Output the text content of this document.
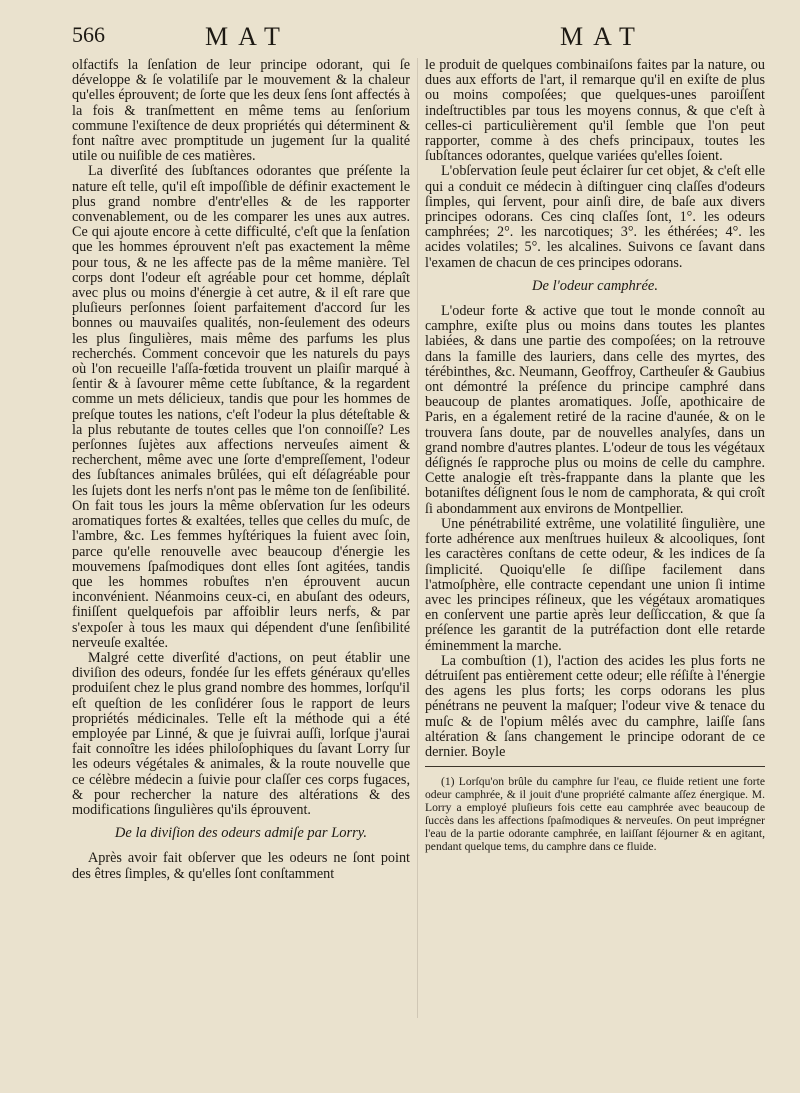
566	MAT	MAT

olfactifs la ſenſation de leur principe odorant, qui ſe développe & ſe volatiliſe par le mouvement & la chaleur qu'elles éprouvent; de ſorte que les deux ſens ſont affectés à la fois & tranſmettent en même tems au ſenſorium commune l'exiſtence de deux propriétés qui déterminent & font naître avec promptitude un jugement ſur la qualité utile ou nuiſible de ces matières.

La diverſité des ſubſtances odorantes que préſente la nature eſt telle, qu'il eſt impoſſible de définir exactement le plus grand nombre d'entr'elles & de les rapporter convenablement, ou de les comparer les unes aux autres. Ce qui ajoute encore à cette difficulté, c'eſt que la ſenſation que les hommes éprouvent n'eſt pas exactement la même pour tous, & ne les affecte pas de la même manière. Tel corps dont l'odeur eſt agréable pour cet homme, déplaît avec plus ou moins d'énergie à cet autre, & il eſt rare que pluſieurs perſonnes ſoient parfaitement d'accord ſur les bonnes ou mauvaiſes qualités, non-ſeulement des odeurs les plus ſingulières, mais même des parfums les plus recherchés. Comment concevoir que les naturels du pays où l'on recueille l'aſſa-fœtida trouvent un plaiſir marqué à ſentir & à ſavourer même cette ſubſtance, & la regardent comme un mets délicieux, tandis que pour les hommes de preſque toutes les nations, c'eſt l'odeur la plus déteſtable & la plus rebutante de toutes celles que l'on connoiſſe? Les perſonnes ſujètes aux affections nerveuſes aiment & recherchent, même avec une ſorte d'empreſſement, l'odeur des ſubſtances animales brûlées, qui eſt déſagréable pour les ſujets dont les nerfs n'ont pas le même ton de ſenſibilité. On fait tous les jours la même obſervation ſur les odeurs aromatiques fortes & exaltées, telles que celles du muſc, de l'ambre, &c. Les femmes hyſtériques la fuient avec ſoin, parce qu'elle renouvelle avec beaucoup d'énergie les mouvemens ſpaſmodiques dont elles ſont agitées, tandis que les hommes robuſtes n'en éprouvent aucun inconvénient. Néanmoins ceux-ci, en abuſant des odeurs, finiſſent quelquefois par affoiblir leurs nerfs, & par s'expoſer à tous les maux qui dépendent d'une ſenſibilité nerveuſe exaltée.

Malgré cette diverſité d'actions, on peut établir une diviſion des odeurs, fondée ſur les effets généraux qu'elles produiſent chez le plus grand nombre des hommes, lorſqu'il eſt queſtion de les conſidérer ſous le rapport de leurs propriétés médicinales. Telle eſt la méthode qui a été employée par Linné, & que je ſuivrai auſſi, lorſque j'aurai fait connoître les idées philoſophiques du ſavant Lorry ſur les odeurs végétales & animales, & la route nouvelle que ce célèbre médecin a ſuivie pour claſſer ces corps fugaces, & pour rechercher la nature des altérations & des modifications ſingulières qu'ils éprouvent.

De la diviſion des odeurs admiſe par Lorry.

Après avoir fait obſerver que les odeurs ne ſont point des êtres ſimples, & qu'elles ſont conſtamment

le produit de quelques combinaiſons faites par la nature, ou dues aux efforts de l'art, il remarque qu'il en exiſte de plus ou moins compoſées; que quelques-unes paroiſſent indeſtructibles par tous les moyens connus, & que c'eſt à celles-ci particulièrement qu'il ſemble que l'on peut rapporter, comme à des chefs principaux, toutes les ſubſtances odorantes, quelque variées qu'elles ſoient.

L'obſervation ſeule peut éclairer ſur cet objet, & c'eſt elle qui a conduit ce médecin à diſtinguer cinq claſſes d'odeurs ſimples, qui ſervent, pour ainſi dire, de baſe aux divers principes odorans. Ces cinq claſſes ſont, 1°. les odeurs camphrées; 2°. les narcotiques; 3°. les éthérées; 4°. les acides volatiles; 5°. les alcalines. Suivons ce ſavant dans l'examen de chacun de ces principes odorans.

De l'odeur camphrée.

L'odeur forte & active que tout le monde connoît au camphre, exiſte plus ou moins dans toutes les plantes labiées, & dans une partie des compoſées; on la retrouve dans la famille des lauriers, dans celle des myrtes, des térébinthes, &c. Neumann, Geoffroy, Cartheuſer & Gaubius ont démontré la préſence du principe camphré dans beaucoup de plantes aromatiques. Joſſe, apothicaire de Paris, en a également retiré de la racine d'aunée, & on le trouvera ſans doute, par de nouvelles analyſes, dans un grand nombre d'autres plantes. L'odeur de tous les végétaux déſignés ſe rapproche plus ou moins de celle du camphre. Cette analogie eſt très-frappante dans la plante que les botaniſtes déſignent ſous le nom de camphorata, & qui croît ſi abondamment aux environs de Montpellier.

Une pénétrabilité extrême, une volatilité ſingulière, une forte adhérence aux menſtrues huileux & alcooliques, ſont les caractères conſtans de cette odeur, & les indices de ſa ſimplicité. Quoiqu'elle ſe diſſipe facilement dans l'atmoſphère, elle contracte cependant une union ſi intime avec les principes réſineux, que les végétaux aromatiques en conſervent une partie après leur deſſiccation, & que ſa préſence les garantit de la putréfaction dont elle retarde éminemment la marche.

La combuſtion (1), l'action des acides les plus forts ne détruiſent pas entièrement cette odeur; elle réſiſte à l'énergie des agens les plus forts; les corps odorans les plus pénétrans ne peuvent la maſquer; l'odeur vive & tenace du muſc & de l'opium mêlés avec du camphre, laiſſe ſans altération & ſans changement le principe odorant de ce dernier. Boyle

(1) Lorſqu'on brûle du camphre ſur l'eau, ce fluide retient une forte odeur camphrée, & il jouit d'une propriété calmante aſſez énergique. M. Lorry a employé pluſieurs fois cette eau camphrée avec beaucoup de ſuccès dans les affections ſpaſmodiques & nerveuſes. On peut imprégner l'eau de la partie odorante camphrée, en laiſſant ſéjourner & en agitant, pendant quelque tems, du camphre dans ce fluide.
